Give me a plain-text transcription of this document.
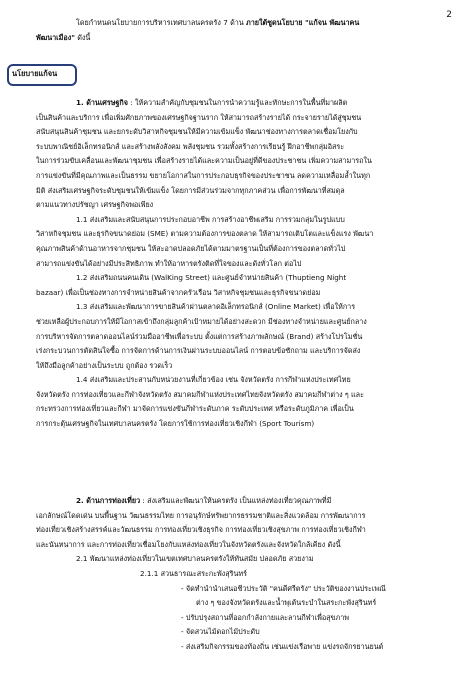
2
โดยกำหนดนโยบายการบริหารเทศบาลนครตรัง 7 ด้าน ภายใต้ชูดนโยบาย "แก้จน พัฒนาคน
พัฒนาเมือง" ดังนี้
นโยบายแก้จน
1. ด้านเศรษฐกิจ : ให้ความสำคัญกับชุมชนในการนำความรู้และทักษะการในพื้นที่มาผลิต
เป็นสินค้าและบริการ เพื่อเพิ่มศักยภาพของเศรษฐกิจฐานราก ให้สามารถสร้างรายได้ กระจายรายได้สู่ชุมชน
สนับสนุนสินค้าชุมชน และยกระดับวิสาหกิจชุมชนให้มีความเข้มแข็ง พัฒนาช่องทางการตลาดเชื่อมโยงกับ
ระบบพาณิชย์อิเล็กทรอนิกส์ และสร้างพลังสังคม พลังชุมชน รวมทั้งสร้างการเรียนรู้ ฝึกอาชีพกลุ่มอิสระ
ในการร่วมขับเคลื่อนและพัฒนาชุมชน เพื่อสร้างรายได้และความเป็นอยู่ที่ดีของประชาชน เพิ่มความสามารถใน
การแข่งขันที่มีคุณภาพและเป็นธรรม ขยายโอกาสในการประกอบธุรกิจของประชาชน ลดความเหลื่อมล้ำในทุก
มิติ ส่งเสริมเศรษฐกิจระดับชุมชนให้เข้มแข็ง โดยการมีส่วนร่วมจากทุกภาคส่วน เพื่อการพัฒนาที่สมดุล
ตามแนวทางปรัชญา เศรษฐกิจพอเพียง
1.1 ส่งเสริมและสนับสนุนการประกอบอาชีพ การสร้างอาชีพเสริม การรวมกลุ่มในรูปแบบ
วิสาหกิจชุมชน และธุรกิจขนาดย่อม (SME) ตามความต้องการของตลาด ให้สามารถเติบโตและแข็งแรง พัฒนา
คุณภาพสินค้าด้านอาหารจากชุมชน ให้สะอาดปลอดภัยได้ตามมาตรฐานเป็นที่ต้องการของตลาดทั่วไป
สามารถแข่งขันได้อย่างมีประสิทธิภาพ ทำให้อาหารตรังติดที่ใจของและดังทั่วโลก ต่อไป
1.2 ส่งเสริมถนนคนเดิน (WalKing Street) และศูนย์จำหน่ายสินค้า (Thuptieng Night
bazaar) เพื่อเป็นช่องทางการจำหน่ายสินค้าจากครัวเรือน วิสาหกิจชุมชนและธุรกิจขนาดย่อม
1.3 ส่งเสริมและพัฒนาการขายสินค้าผ่านตลาดอิเล็กทรอนิกส์ (Online Market) เพื่อให้การ
ช่วยเหลือผู้ประกอบการให้มีโอกาสเข้าถึงกลุ่มลูกค้าเป้าหมายได้อย่างสะดวก มีช่องทางจำหน่ายและศูนย์กลาง
การบริหารจัดการตลาดออนไลน์ร่วมมืออาชีพเพื่อระบบ ตั้งแต่การสร้างภาพลักษณ์ (Brand) สร้างโปรโมชั่น
เร่งกระบวนการตัดสินใจซื้อ การจัดการด้านการเงินผ่านระบบออนไลน์ การตอบข้อซักถาม และบริการจัดส่ง
ให้ถึงมือลูกค้าอย่างเป็นระบบ ถูกต้อง รวดเร็ว
1.4 ส่งเสริมและประสานกับหน่วยงานที่เกี่ยวข้อง เช่น จังหวัดตรัง การกีฬาแห่งประเทศไทย
จังหวัดตรัง การท่องเที่ยวและกีฬาจังหวัดตรัง สมาคมกีฬาแห่งประเทศไทยจังหวัดตรัง สมาคมกีฬาต่าง ๆ และ
กระทรวงการท่องเที่ยวและกีฬา มาจัดการแข่งขันกีฬาระดับภาค ระดับประเทศ หรือระดับภูมิภาค เพื่อเป็น
การกระตุ้นเศรษฐกิจในเทศบาลนครตรัง โดยการใช้การท่องเที่ยวเชิงกีฬา (Sport Tourism)
2. ด้านการท่องเที่ยว : ส่งเสริมและพัฒนาให้นครตรัง เป็นแหล่งท่องเที่ยวคุณภาพที่มี
เอกลักษณ์โดดเด่น บนพื้นฐาน วัฒนธรรมไทย การอนุรักษ์ทรัพยากรธรรมชาติและสิ่งแวดล้อม การพัฒนาการ
ท่องเที่ยวเชิงสร้างสรรค์และวัฒนธรรม การท่องเที่ยวเชิงธุรกิจ การท่องเที่ยวเชิงสุขภาพ การท่องเที่ยวเชิงกีฬา
และนันทนาการ และการท่องเที่ยวเชื่อมโยงกับแหล่งท่องเที่ยวในจังหวัดตรังและจังหวัดใกล้เคียง ดังนี้
2.1 พัฒนาแหล่งท่องเที่ยวในเขตเทศบาลนครตรังให้ทันสมัย ปลอดภัย สวยงาม
2.1.1 สวนธารณะสระกะพังสุรินทร์
- จัดทำนำนำเสนอชีวประวัติ "คนดีศรีตรัง" ประวัติของงานประเพณี
ต่าง ๆ ของจังหวัดตรังและน้ำพุเต้นระบำในสระกะพังสุรินทร์
- ปรับปรุงสถานที่ออกกำลังกายและลานกีฬาเพื่อสุขภาพ
- จัดสวนไม้ดอกไม้ประดับ
- ส่งเสริมกิจกรรมของท้องถิ่น เช่นแข่งเรือพาย แข่งรถจักรยานยนต์
